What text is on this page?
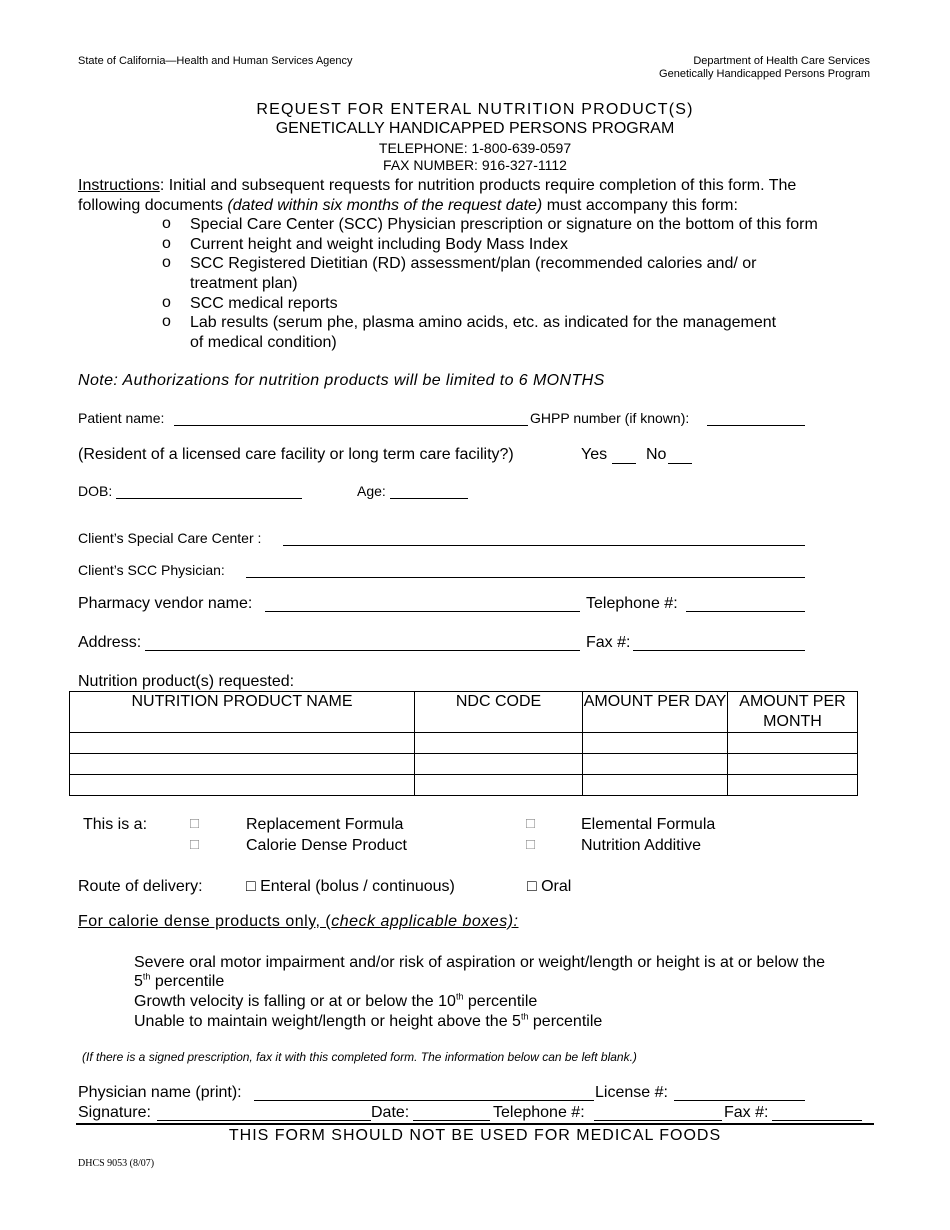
State of California—Health and Human Services Agency	Department of Health Care Services
Genetically Handicapped Persons Program
REQUEST FOR ENTERAL NUTRITION PRODUCT(S)
GENETICALLY HANDICAPPED PERSONS PROGRAM
TELEPHONE: 1-800-639-0597
FAX NUMBER: 916-327-1112
Instructions: Initial and subsequent requests for nutrition products require completion of this form. The
following documents (dated within six months of the request date) must accompany this form:
o Special Care Center (SCC) Physician prescription or signature on the bottom of this form
o Current height and weight including Body Mass Index
o SCC Registered Dietitian (RD) assessment/plan (recommended calories and/ or
treatment plan)
o SCC medical reports
o Lab results (serum phe, plasma amino acids, etc. as indicated for the management
of medical condition)
Note: Authorizations for nutrition products will be limited to 6 MONTHS
Patient name:	GHPP number (if known):
(Resident of a licensed care facility or long term care facility?)	Yes No
DOB:	Age:
Client’s Special Care Center :
Client’s SCC Physician:
Pharmacy vendor name:	Telephone #:
Address:	Fax #:
Nutrition product(s) requested:
NUTRITION PRODUCT NAME	NDC CODE	AMOUNT PER DAY	AMOUNT PER MONTH

This is a:	□	Replacement Formula	□	Elemental Formula
□	Calorie Dense Product	□	Nutrition Additive
Route of delivery:	□ Enteral (bolus / continuous)	□ Oral
For calorie dense products only, (check applicable boxes):
Severe oral motor impairment and/or risk of aspiration or weight/length or height is at or below the
5th percentile
Growth velocity is falling or at or below the 10th percentile
Unable to maintain weight/length or height above the 5th percentile
(If there is a signed prescription, fax it with this completed form. The information below can be left blank.)
Physician name (print):	License #:
Signature:	Date:	Telephone #:	Fax #:
THIS FORM SHOULD NOT BE USED FOR MEDICAL FOODS
DHCS 9053 (8/07)
